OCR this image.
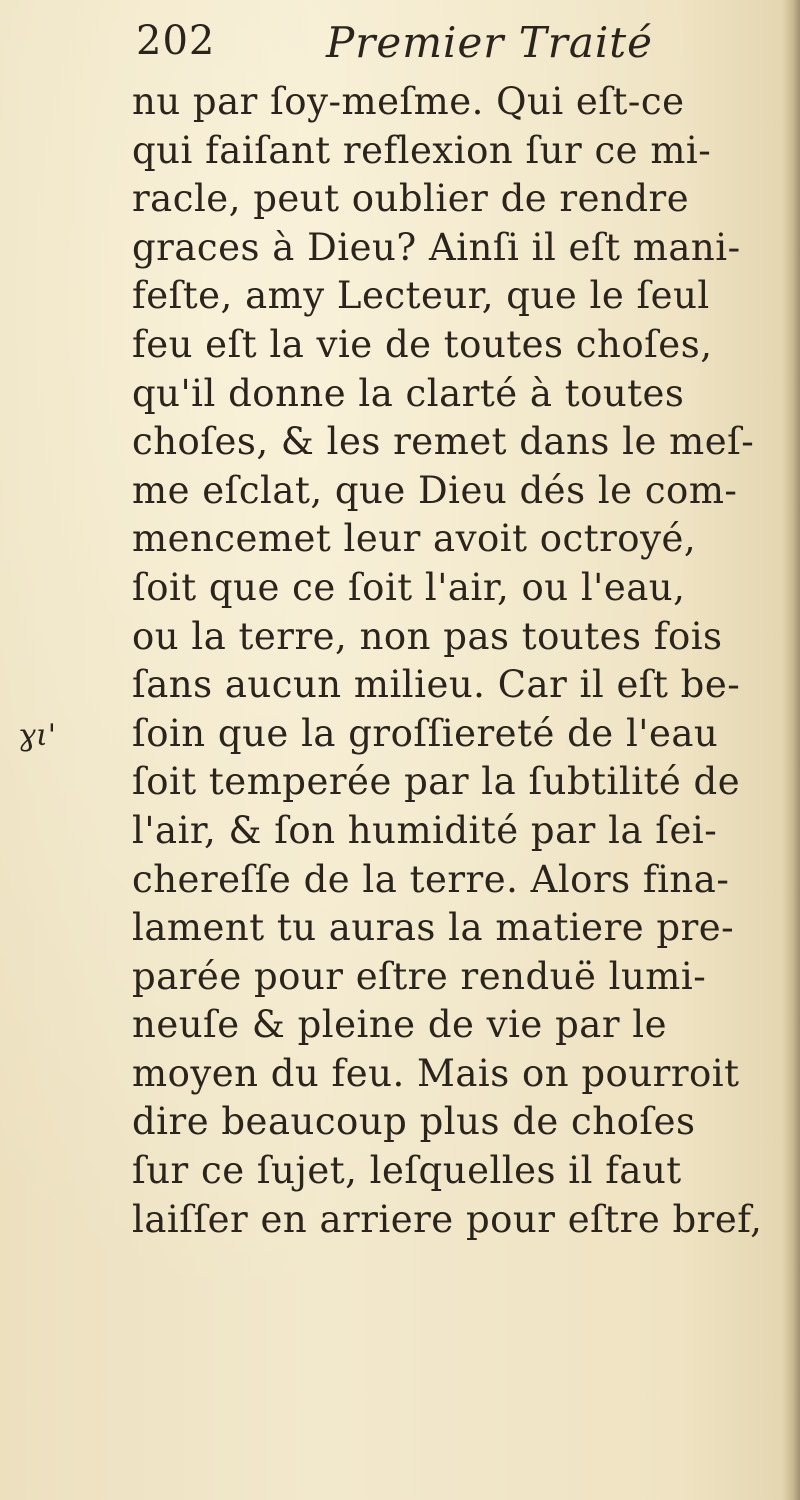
202	Premier Traité
ɣι'
nu par ſoy-meſme. Qui eſt-ce
qui faiſant reflexion ſur ce mi-
racle, peut oublier de rendre
graces à Dieu? Ainſi il eſt mani-
feſte, amy Lecteur, que le ſeul
feu eſt la vie de toutes choſes,
qu'il donne la clarté à toutes
choſes, & les remet dans le meſ-
me eſclat, que Dieu dés le com-
mencemet leur avoit octroyé,
ſoit que ce ſoit l'air, ou l'eau,
ou la terre, non pas toutes fois
ſans aucun milieu. Car il eſt be-
ſoin que la groſſiereté de l'eau
ſoit temperée par la ſubtilité de
l'air, & ſon humidité par la ſei-
chereſſe de la terre. Alors fina-
lament tu auras la matiere pre-
parée pour eſtre renduë lumi-
neuſe & pleine de vie par le
moyen du feu. Mais on pourroit
dire beaucoup plus de choſes
ſur ce ſujet, leſquelles il faut
laiſſer en arriere pour eſtre bref,
